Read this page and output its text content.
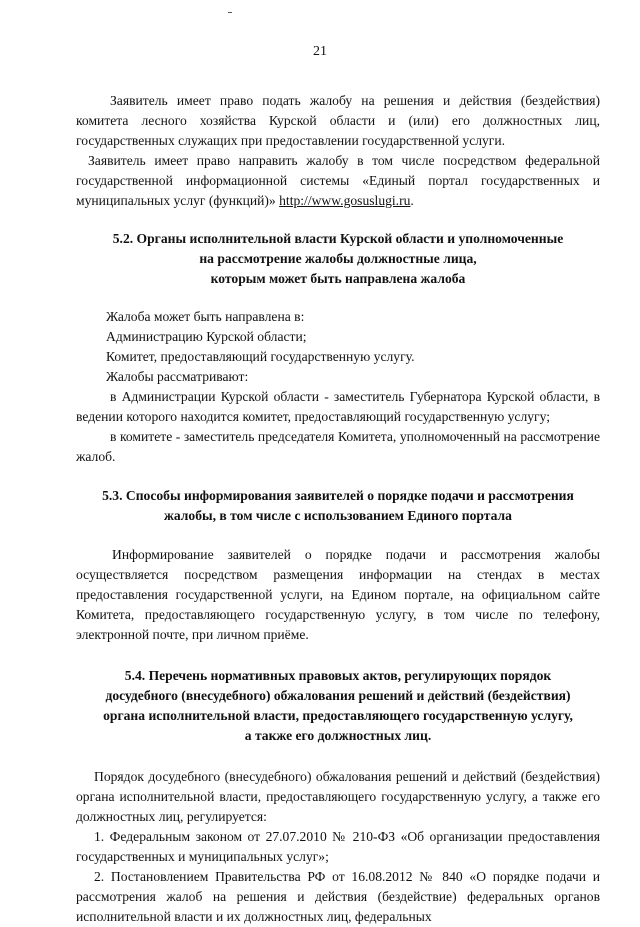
21

Заявитель имеет право подать жалобу на решения и действия (бездействия) комитета лесного хозяйства Курской области и (или) его должностных лиц, государственных служащих при предоставлении государственной услуги.

Заявитель имеет право направить жалобу в том числе посредством федеральной государственной информационной системы «Единый портал государственных и муниципальных услуг (функций)» http://www.gosuslugi.ru.

5.2. Органы исполнительной власти Курской области и уполномоченные
на рассмотрение жалобы должностные лица,
которым может быть направлена жалоба

Жалоба может быть направлена в:

Администрацию Курской области;

Комитет, предоставляющий государственную услугу.

Жалобы рассматривают:

в Администрации Курской области - заместитель Губернатора Курской области, в ведении которого находится комитет, предоставляющий государственную услугу;

в комитете - заместитель председателя Комитета, уполномоченный на рассмотрение жалоб.

5.3. Способы информирования заявителей о порядке подачи и рассмотрения
жалобы, в том числе с использованием Единого портала

Информирование заявителей о порядке подачи и рассмотрения жалобы осуществляется посредством размещения информации на стендах в местах предоставления государственной услуги, на Едином портале, на официальном сайте Комитета, предоставляющего государственную услугу, в том числе по телефону, электронной почте, при личном приёме.

5.4. Перечень нормативных правовых актов, регулирующих порядок
досудебного (внесудебного) обжалования решений и действий (бездействия)
органа исполнительной власти, предоставляющего государственную услугу,
а также его должностных лиц.

Порядок досудебного (внесудебного) обжалования решений и действий (бездействия) органа исполнительной власти, предоставляющего государственную услугу, а также его должностных лиц, регулируется:

1. Федеральным законом от 27.07.2010 № 210-ФЗ «Об организации предоставления государственных и муниципальных услуг»;

2. Постановлением Правительства РФ от 16.08.2012 № 840 «О порядке подачи и рассмотрения жалоб на решения и действия (бездействие) федеральных органов исполнительной власти и их должностных лиц, федеральных
